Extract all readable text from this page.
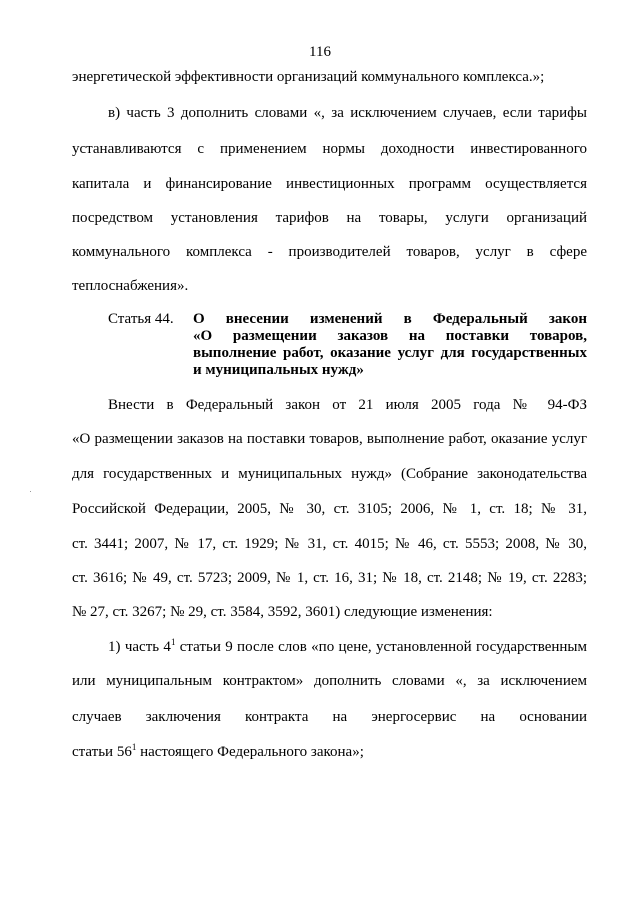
116
энергетической эффективности организаций коммунального комплекса.»;
в) часть 3 дополнить словами «, за исключением случаев, если тарифы
устанавливаются с применением нормы доходности инвестированного
капитала и финансирование инвестиционных программ осуществляется
посредством установления тарифов на товары, услуги организаций
коммунального комплекса - производителей товаров, услуг в сфере
теплоснабжения».
Статья 44. О внесении изменений в Федеральный закон
«О размещении заказов на поставки товаров,
выполнение работ, оказание услуг для государственных
и муниципальных нужд»
Внести в Федеральный закон от 21 июля 2005 года № 94-ФЗ
«О размещении заказов на поставки товаров, выполнение работ, оказание услуг
для государственных и муниципальных нужд» (Собрание законодательства
Российской Федерации, 2005, № 30, ст. 3105; 2006, № 1, ст. 18; № 31,
ст. 3441; 2007, № 17, ст. 1929; № 31, ст. 4015; № 46, ст. 5553; 2008, № 30,
ст. 3616; № 49, ст. 5723; 2009, № 1, ст. 16, 31; № 18, ст. 2148; № 19, ст. 2283;
№ 27, ст. 3267; № 29, ст. 3584, 3592, 3601) следующие изменения:
1) часть $4^1$ статьи 9 после слов «по цене, установленной государственным
или муниципальным контрактом» дополнить словами «, за исключением
случаев заключения контракта на энергосервис на основании
статьи $56^1$ настоящего Федерального закона»;
